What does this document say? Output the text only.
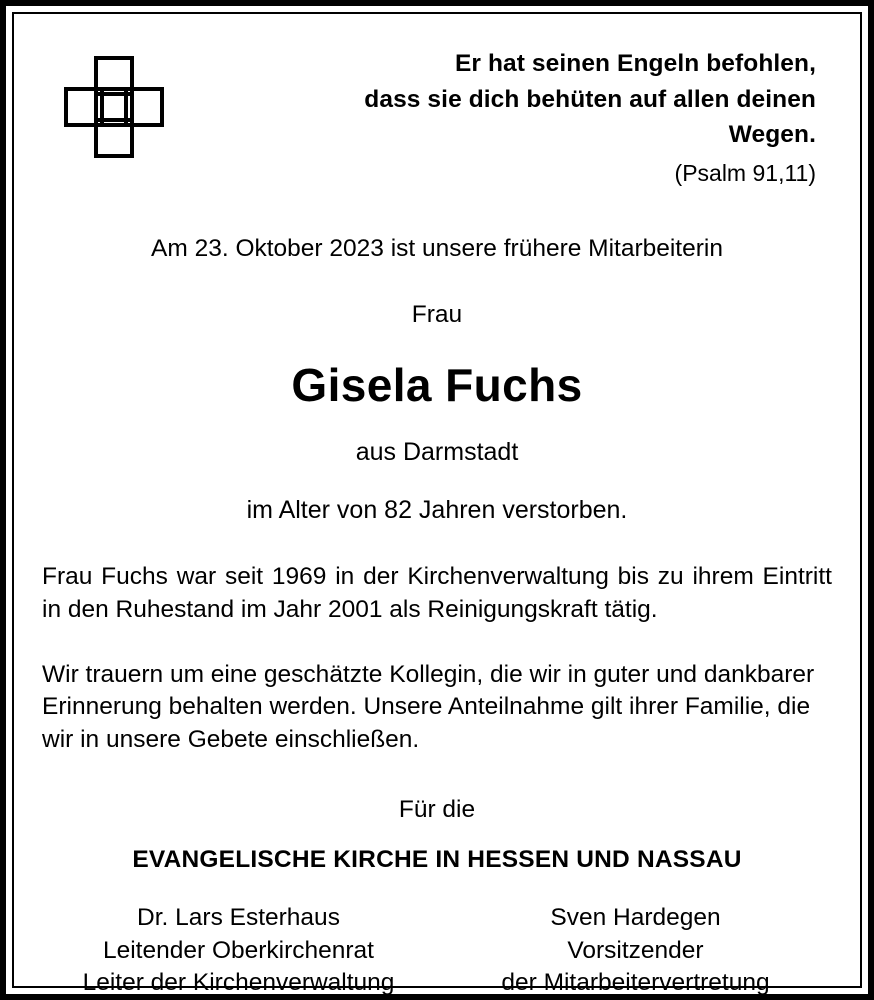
Er hat seinen Engeln befohlen,
dass sie dich behüten auf allen deinen
Wegen.
(Psalm 91,11)
Am 23. Oktober 2023 ist unsere frühere Mitarbeiterin
Frau
Gisela Fuchs
aus Darmstadt
im Alter von 82 Jahren verstorben.
Frau Fuchs war seit 1969 in der Kirchenverwaltung bis zu ihrem Eintritt in den Ruhestand im Jahr 2001 als Reinigungskraft tätig.
Wir trauern um eine geschätzte Kollegin, die wir in guter und dankbarer Erinnerung behalten werden. Unsere Anteilnahme gilt ihrer Familie, die wir in unsere Gebete einschließen.
Für die
EVANGELISCHE KIRCHE IN HESSEN UND NASSAU
Dr. Lars Esterhaus
Leitender Oberkirchenrat
Leiter der Kirchenverwaltung
Sven Hardegen
Vorsitzender
der Mitarbeitervertretung
